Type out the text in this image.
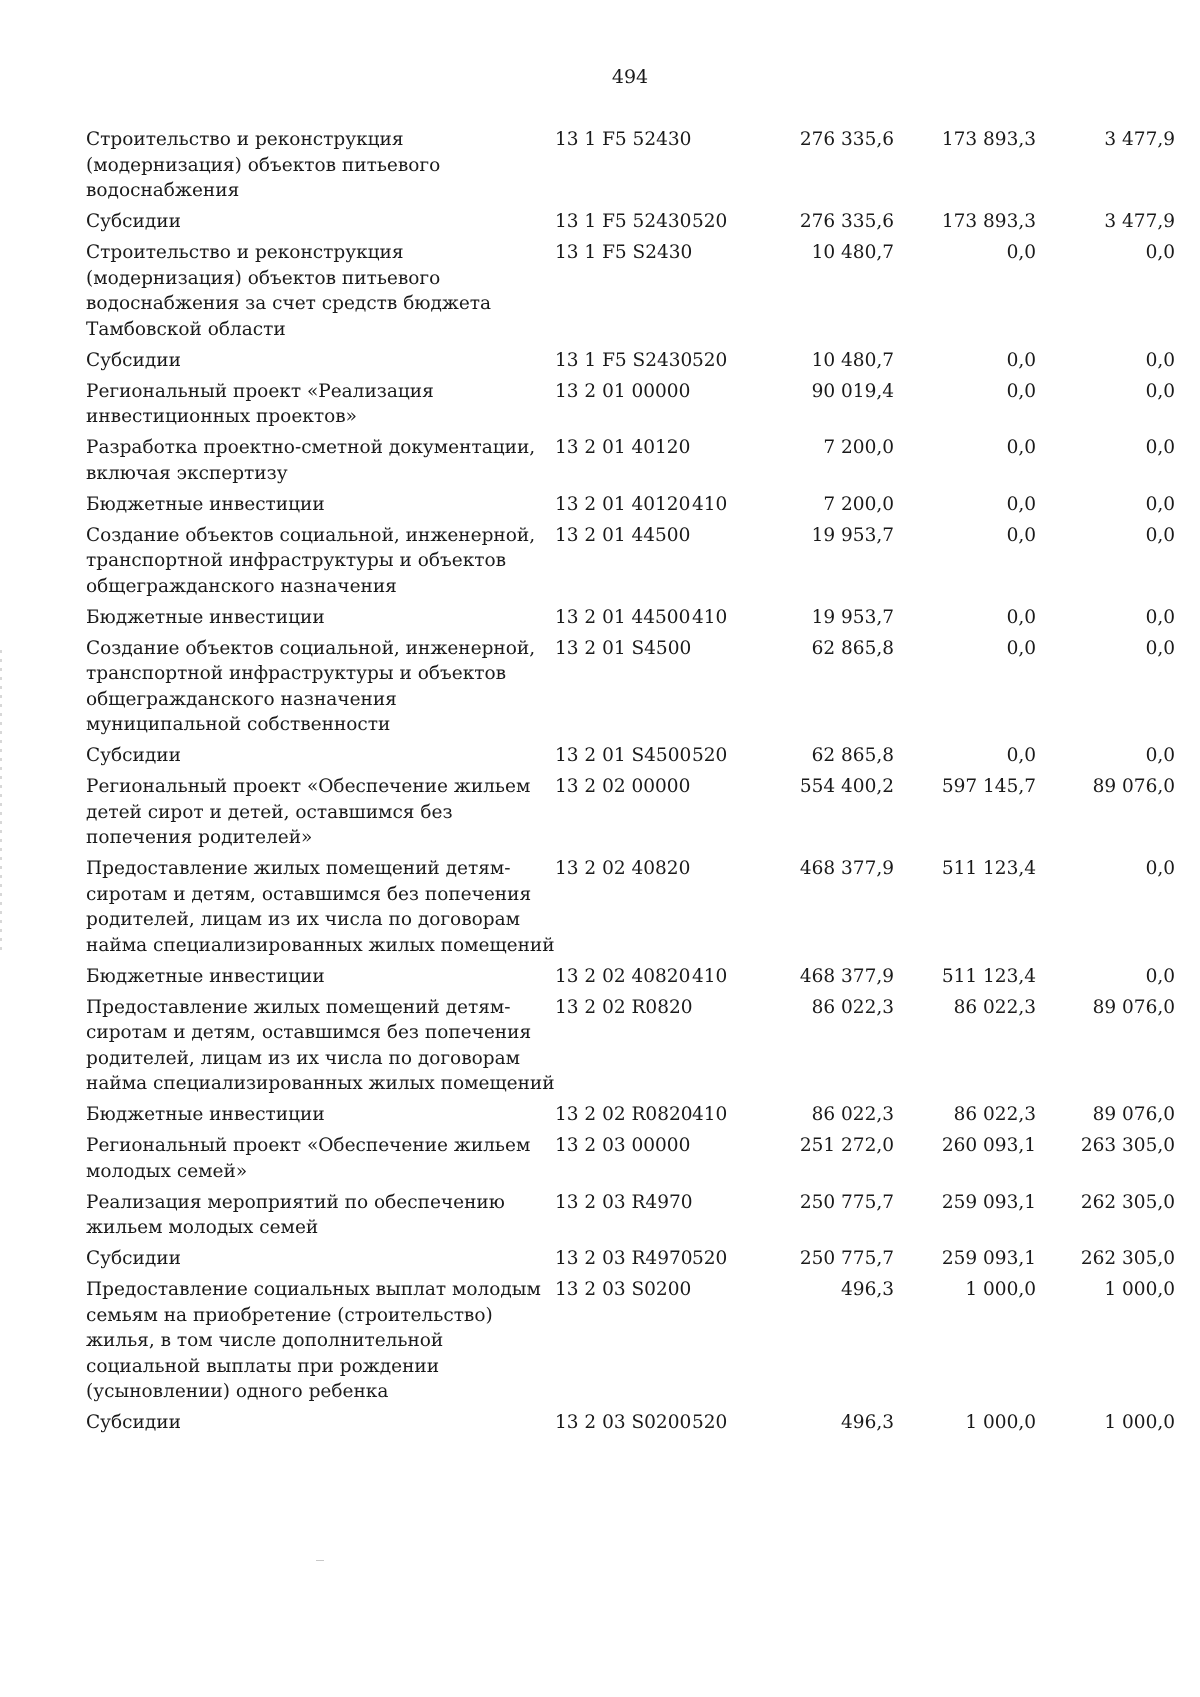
494
Строительство и реконструкция (модернизация) объектов питьевого водоснабжения	13 1 F5 52430		276 335,6	173 893,3	3 477,9
Субсидии	13 1 F5 52430	520	276 335,6	173 893,3	3 477,9
Строительство и реконструкция (модернизация) объектов питьевого водоснабжения за счет средств бюджета Тамбовской области	13 1 F5 S2430		10 480,7	0,0	0,0
Субсидии	13 1 F5 S2430	520	10 480,7	0,0	0,0
Региональный проект «Реализация инвестиционных проектов»	13 2 01 00000		90 019,4	0,0	0,0
Разработка проектно-сметной документации, включая экспертизу	13 2 01 40120		7 200,0	0,0	0,0
Бюджетные инвестиции	13 2 01 40120	410	7 200,0	0,0	0,0
Создание объектов социальной, инженерной, транспортной инфраструктуры и объектов общегражданского назначения	13 2 01 44500		19 953,7	0,0	0,0
Бюджетные инвестиции	13 2 01 44500	410	19 953,7	0,0	0,0
Создание объектов социальной, инженерной, транспортной инфраструктуры и объектов общегражданского назначения муниципальной собственности	13 2 01 S4500		62 865,8	0,0	0,0
Субсидии	13 2 01 S4500	520	62 865,8	0,0	0,0
Региональный проект «Обеспечение жильем детей сирот и детей, оставшимся без попечения родителей»	13 2 02 00000		554 400,2	597 145,7	89 076,0
Предоставление жилых помещений детям-сиротам и детям, оставшимся без попечения родителей, лицам из их числа по договорам найма специализированных жилых помещений	13 2 02 40820		468 377,9	511 123,4	0,0
Бюджетные инвестиции	13 2 02 40820	410	468 377,9	511 123,4	0,0
Предоставление жилых помещений детям-сиротам и детям, оставшимся без попечения родителей, лицам из их числа по договорам найма специализированных жилых помещений	13 2 02 R0820		86 022,3	86 022,3	89 076,0
Бюджетные инвестиции	13 2 02 R0820	410	86 022,3	86 022,3	89 076,0
Региональный проект «Обеспечение жильем молодых семей»	13 2 03 00000		251 272,0	260 093,1	263 305,0
Реализация мероприятий по обеспечению жильем молодых семей	13 2 03 R4970		250 775,7	259 093,1	262 305,0
Субсидии	13 2 03 R4970	520	250 775,7	259 093,1	262 305,0
Предоставление социальных выплат молодым семьям на приобретение (строительство) жилья, в том числе дополнительной социальной выплаты при рождении (усыновлении) одного ребенка	13 2 03 S0200		496,3	1 000,0	1 000,0
Субсидии	13 2 03 S0200	520	496,3	1 000,0	1 000,0
